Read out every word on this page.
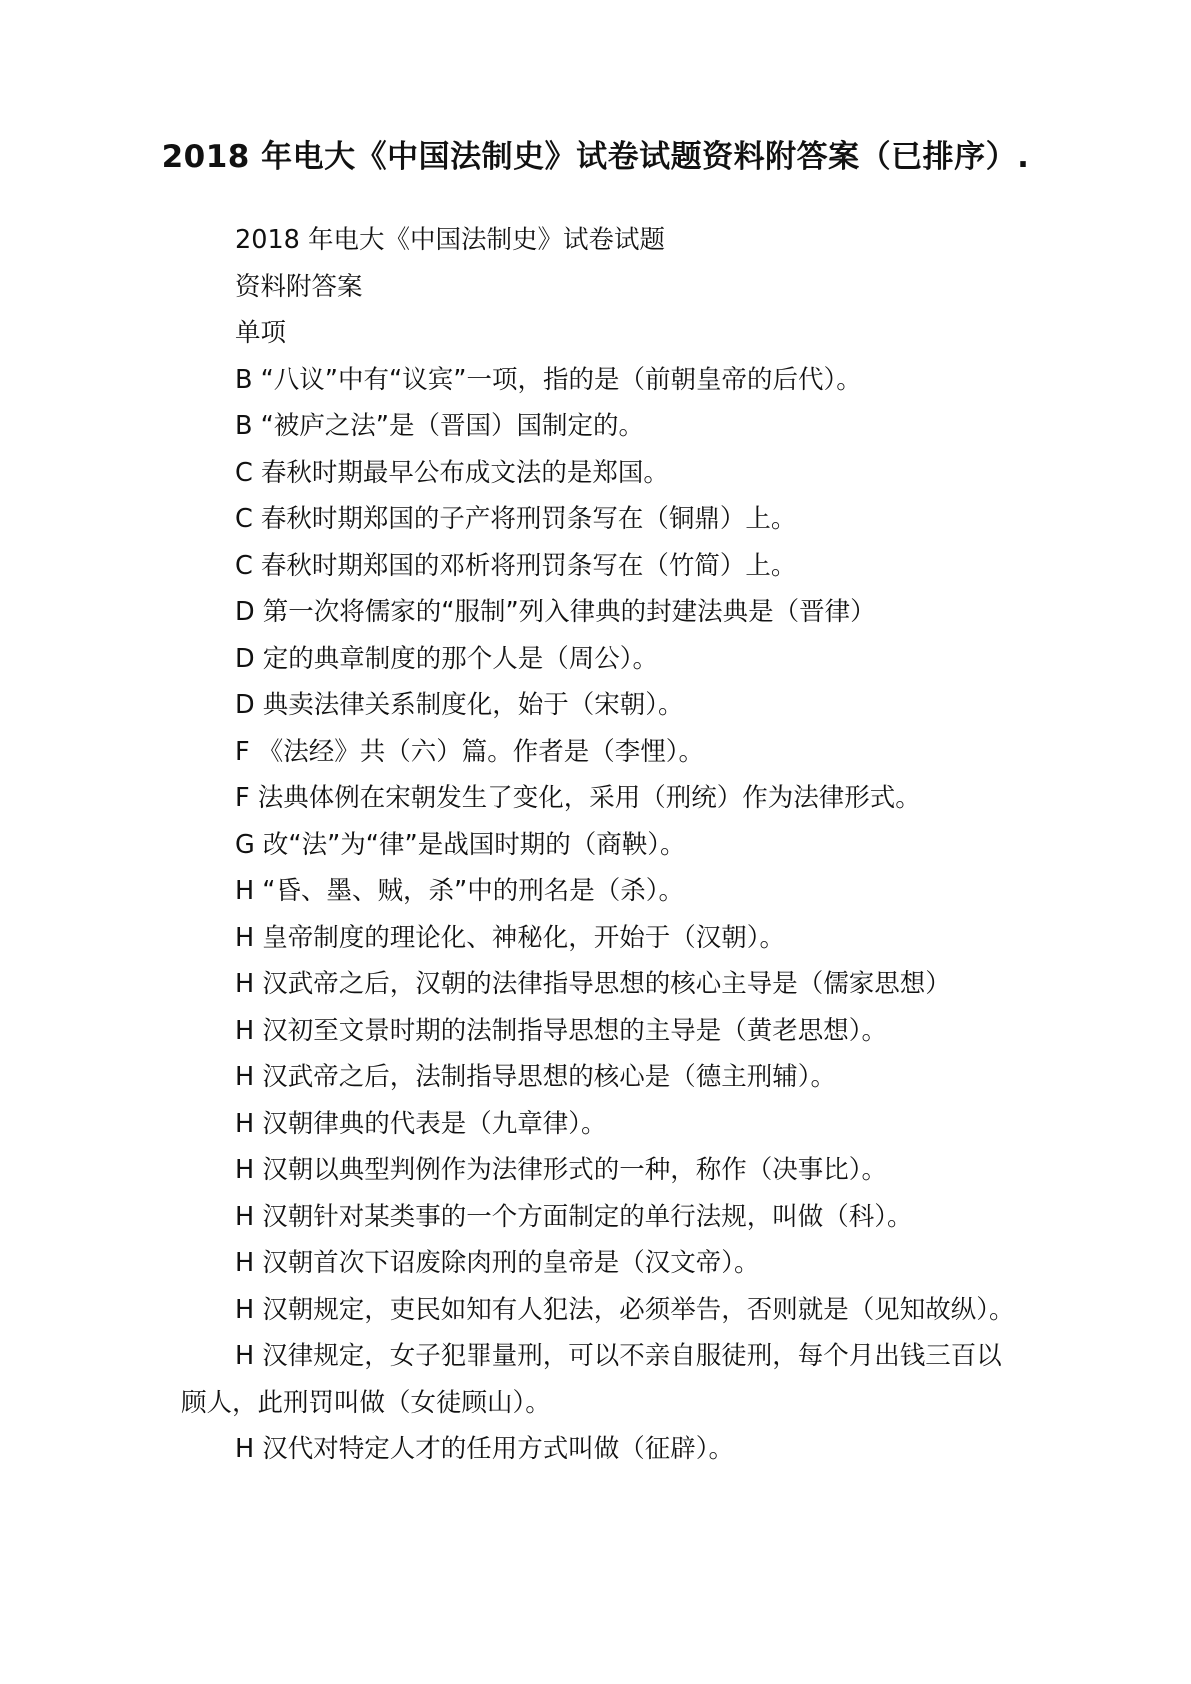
2018 年电大《中国法制史》试卷试题资料附答案（已排序）.

2018 年电大《中国法制史》试卷试题

资料附答案

单项

B “八议”中有“议宾”一项，指的是（前朝皇帝的后代）。

B “被庐之法”是（晋国）国制定的。

C 春秋时期最早公布成文法的是郑国。

C 春秋时期郑国的子产将刑罚条写在（铜鼎）上。

C 春秋时期郑国的邓析将刑罚条写在（竹简）上。

D 第一次将儒家的“服制”列入律典的封建法典是（晋律）

D 定的典章制度的那个人是（周公）。

D 典卖法律关系制度化，始于（宋朝）。

F 《法经》共（六）篇。作者是（李悝）。

F 法典体例在宋朝发生了变化，采用（刑统）作为法律形式。

G 改“法”为“律”是战国时期的（商鞅）。

H “昏、墨、贼，杀”中的刑名是（杀）。

H 皇帝制度的理论化、神秘化，开始于（汉朝）。

H 汉武帝之后，汉朝的法律指导思想的核心主导是（儒家思想）

H 汉初至文景时期的法制指导思想的主导是（黄老思想）。

H 汉武帝之后，法制指导思想的核心是（德主刑辅）。

H 汉朝律典的代表是（九章律）。

H 汉朝以典型判例作为法律形式的一种，称作（决事比）。

H 汉朝针对某类事的一个方面制定的单行法规，叫做（科）。

H 汉朝首次下诏废除肉刑的皇帝是（汉文帝）。

H 汉朝规定，吏民如知有人犯法，必须举告，否则就是（见知故纵）。

H 汉律规定，女子犯罪量刑，可以不亲自服徒刑，每个月出钱三百以顾人，此刑罚叫做（女徒顾山）。

H 汉代对特定人才的任用方式叫做（征辟）。
